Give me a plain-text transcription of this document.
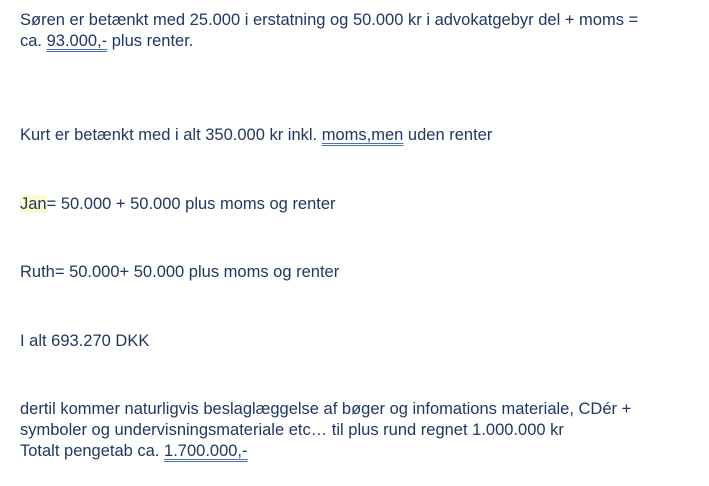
Søren er betænkt med 25.000 i erstatning og 50.000 kr i advokatgebyr del + moms =
ca. 93.000,- plus renter.
Kurt er betænkt med i alt 350.000 kr inkl. moms,men uden renter
Jan= 50.000 + 50.000 plus moms og renter
Ruth= 50.000+ 50.000 plus moms og renter
I alt 693.270 DKK
dertil kommer naturligvis beslaglæggelse af bøger og infomations materiale, CDér +
symboler og undervisningsmateriale etc… til plus rund regnet 1.000.000 kr
Totalt pengetab ca. 1.700.000,-
